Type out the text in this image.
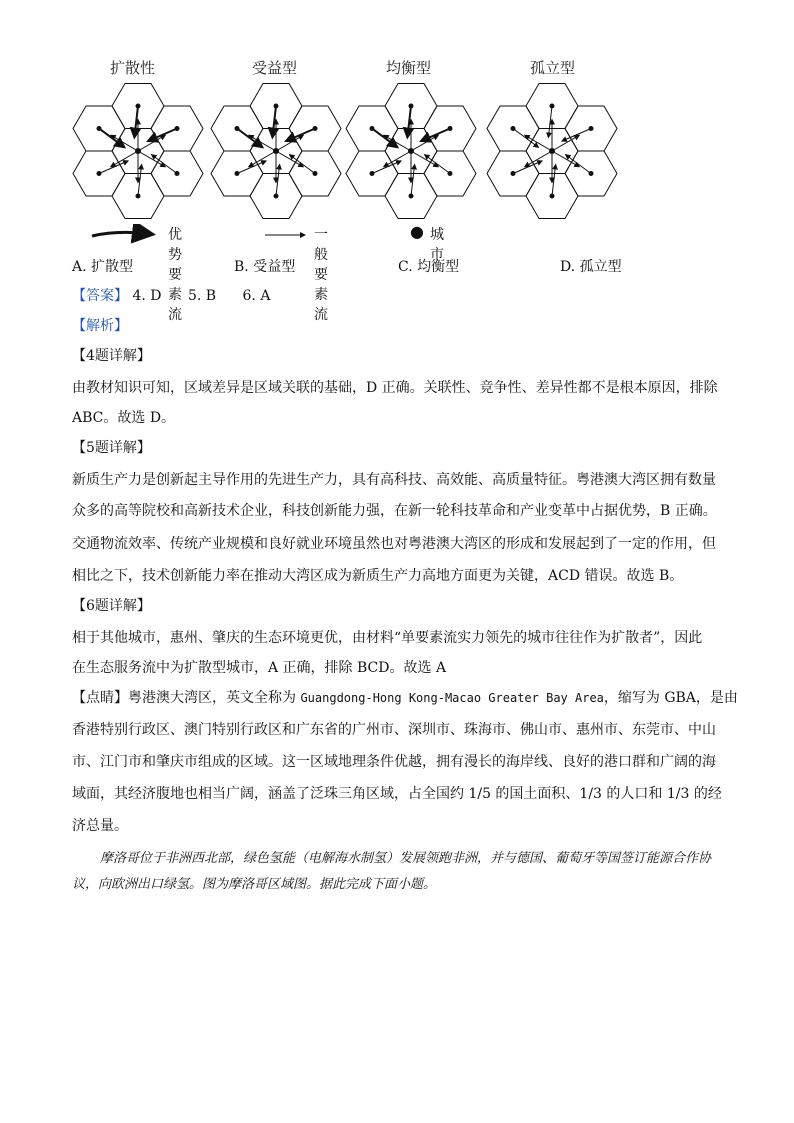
扩散性	受益型	均衡型	孤立型
优势要素流
一般要素流
● 城市
A. 扩散型	B. 受益型	C. 均衡型	D. 孤立型
【答案】 4. D 5. B 6. A
【解析】
【4题详解】
由教材知识可知，区域差异是区域关联的基础，D 正确。关联性、竞争性、差异性都不是根本原因，排除
ABC。故选 D。
【5题详解】
新质生产力是创新起主导作用的先进生产力，具有高科技、高效能、高质量特征。粤港澳大湾区拥有数量
众多的高等院校和高新技术企业，科技创新能力强，在新一轮科技革命和产业变革中占据优势，B 正确。
交通物流效率、传统产业规模和良好就业环境虽然也对粤港澳大湾区的形成和发展起到了一定的作用，但
相比之下，技术创新能力率在推动大湾区成为新质生产力高地方面更为关键，ACD 错误。故选 B。
【6题详解】
相于其他城市，惠州、肇庆的生态环境更优，由材料“单要素流实力领先的城市往往作为扩散者”，因此
在生态服务流中为扩散型城市，A 正确，排除 BCD。故选 A
【点睛】粤港澳大湾区，英文全称为 Guangdong-Hong Kong-Macao Greater Bay Area，缩写为 GBA，是由
香港特别行政区、澳门特别行政区和广东省的广州市、深圳市、珠海市、佛山市、惠州市、东莞市、中山
市、江门市和肇庆市组成的区域。这一区域地理条件优越，拥有漫长的海岸线、良好的港口群和广阔的海
域面，其经济腹地也相当广阔，涵盖了泛珠三角区域，占全国约 1/5 的国土面积、1/3 的人口和 1/3 的经
济总量。
摩洛哥位于非洲西北部，绿色氢能（电解海水制氢）发展领跑非洲，并与德国、葡萄牙等国签订能源合作协议，向欧洲出口绿氢。图为摩洛哥区域图。据此完成下面小题。
